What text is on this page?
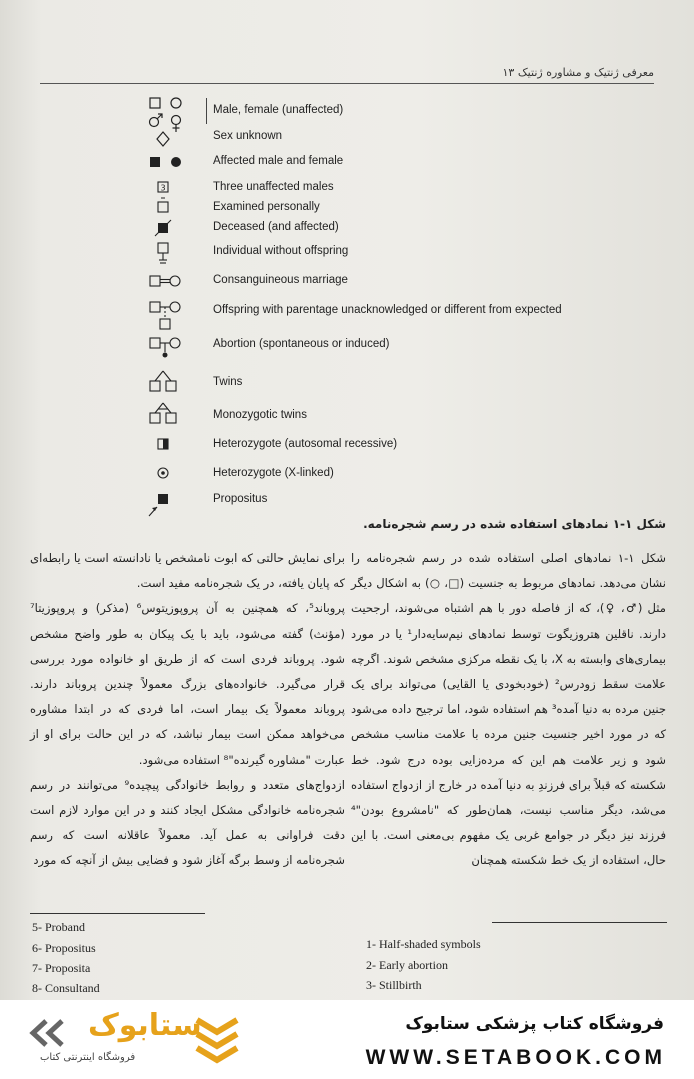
معرفی ژنتیک و مشاوره ژنتیک ۱۳
3
Male, female (unaffected)
Sex unknown
Affected male and female
Three unaffected males
Examined personally
Deceased (and affected)
Individual without offspring
Consanguineous marriage
Offspring with parentage unacknowledged or different from expected
Abortion (spontaneous or induced)
Twins
Monozygotic twins
Heterozygote (autosomal recessive)
Heterozygote (X-linked)
Propositus
شکل ۱-۱ نمادهای استفاده شده در رسم شجره‌نامه.

شکل ۱-۱ نمادهای اصلی استفاده شده در رسم شجره‌نامه را نشان می‌دهد. نمادهای مربوط به جنسیت (□، ○) به اشکال دیگر مثل (♂، ♀)، که از فاصله دور با هم اشتباه می‌شوند، ارجحیت دارند. ناقلین هتروزیگوت توسط نمادهای نیم‌سایه‌دار¹ یا در مورد بیماری‌های وابسته به X، با یک نقطه مرکزی مشخص شوند. اگرچه علامت سقط زودرس² (خودبخودی یا القایی) می‌تواند برای یک جنین مرده به دنیا آمده³ هم استفاده شود، اما ترجیح داده می‌شود که در مورد اخیر جنسیت جنین مرده با علامت مناسب مشخص شود و زیر علامت هم این که مرده‌زایی بوده درج شود. خط شکسته که قبلاً برای فرزندِ به دنیا آمده در خارج از ازدواج استفاده می‌شد، دیگر مناسب نیست، همان‌طور که "نامشروع بودن"⁴ فرزند نیز دیگر در جوامع غربی یک مفهوم بی‌معنی است. با این حال، استفاده از یک خط شکسته همچنان

برای نمایش حالتی که ابوت نامشخص یا نادانسته است یا رابطه‌ای که پایان یافته، در یک شجره‌نامه مفید است.

پروباند⁵، که همچنین به آن پروپوزیتوس⁶ (مذکر) و پروپوزیتا⁷ (مؤنث) گفته می‌شود، باید با یک پیکان به طور واضح مشخص شود. پروباند فردی است که از طریق او خانواده مورد بررسی قرار می‌گیرد. خانواده‌های بزرگ معمولاً چندین پروباند دارند. پروباند معمولاً یک بیمار است، اما فردی که در ابتدا مشاوره می‌خواهد ممکن است بیمار نباشد، که در این حالت برای او از عبارت "مشاوره گیرنده"⁸ استفاده می‌شود.

ازدواج‌های متعدد و روابط خانوادگی پیچیده⁹ می‌توانند در رسم شجره‌نامه خانوادگی مشکل ایجاد کنند و در این موارد لازم است دقت فراوانی به عمل آید. معمولاً عاقلانه است که رسم شجره‌نامه از وسط برگه آغاز شود و فضایی بیش از آنچه که مورد

5- Proband
6- Propositus
7- Proposita
8- Consultand
1- Half-shaded symbols
2- Early abortion
3- Stillbirth
ستابوک
فروشگاه اینترنتی کتاب
فروشگاه کتاب پزشکی ستابوک
WWW.SETABOOK.COM
